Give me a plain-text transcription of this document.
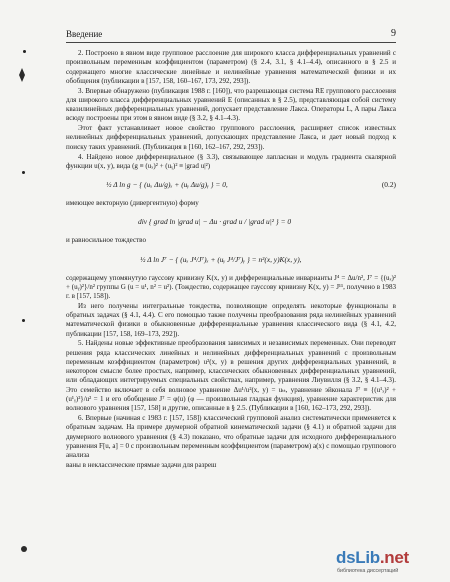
Введение	9

2. Построено в явном виде групповое расслоение для широкого класса дифференциальных уравнений с произвольным переменным коэффициентом (параметром) (§ 2.4, 3.1, § 4.1–4.4), описанного в § 2.5 и содержащего многие классические линейные и нелинейные уравнения математической физики и их обобщения (публикации в [157, 158, 160–167, 173, 292, 293]).

3. Впервые обнаружено (публикация 1988 г. [160]), что разрешающая система RE группового расслоения для широкого класса дифференциальных уравнений E (описанных в § 2.5), представляющая собой систему квазилинейных дифференциальных уравнений, допускает представление Лакса. Операторы L, A пары Лакса всюду построены при этом в явном виде (§ 3.2, § 4.1–4.3).

Этот факт устанавливает новое свойство группового расслоения, расширяет список известных нелинейных дифференциальных уравнений, допускающих представление Лакса, и дает новый подход к поиску таких уравнений. (Публикация в [160, 162–167, 292, 293]).

4. Найдено новое дифференциальное (§ 3.3), связывающее лапласиан и модуль градиента скалярной функции u(x, y), вида (g ≡ (uₓ)² + (uᵧ)² ≡ |grad u|²)

½ Δ ln g − { (uₓ Δu/g)ₓ + (uᵧ Δu/g)ᵧ } = 0,	(0.2)

имеющее векторную (дивергентную) форму

div { grad ln |grad u| − Δu · grad u / |grad u|² } = 0

и равносильное тождество

½ Δ ln J⁷ − { (uₓ J⁴/J⁷)ₓ + (uᵧ J⁴/J⁷)ᵧ } = n²(x, y)K(x, y),

содержащему упомянутую гауссову кривизну K(x, y) и дифференциальные инварианты J⁴ = Δu/n², J⁷ = {(uₓ)² + (uᵧ)²}/n² группы G (u = u¹, n² = u²). (Тождество, содержащее гауссову кривизну K(x, y) = J¹¹, получено в 1983 г. в [157, 158]).

Из него получены интегральные тождества, позволяющие определять некоторые функционалы в обратных задачах (§ 4.1, 4.4). С его помощью также получены преобразования ряда нелинейных уравнений математической физики в обыкновенные дифференциальные уравнения классического вида (§ 4.1, 4.2, публикации [157, 158, 169–173, 292]).

5. Найдены новые эффективные преобразования зависимых и независимых переменных. Они переводят решения ряда классических линейных и нелинейных дифференциальных уравнений с произвольным переменным коэффициентом (параметром) u²(x, y) в решения других дифференциальных уравнений, в некотором смысле более простых, например, классических обыкновенных дифференциальных уравнений, или обладающих интегрируемых специальных свойствах, например, уравнения Лиувилля (§ 3.2, § 4.1–4.3). Это семейство включает в себя волновое уравнение Δu¹/u²(x, y) = uₜₜ, уравнение эйконала J⁷ ≡ {(u¹ₓ)² + (u¹ᵧ)²}/u² = 1 и его обобщение J⁷ = φ(u) (φ — произвольная гладкая функция), уравнение характеристик для волнового уравнения [157, 158] и другие, описанные в § 2.5. (Публикации в [160, 162–173, 292, 293]).

6. Впервые (начиная с 1983 г. [157, 158]) классический групповой анализ систематически применяется к обратным задачам. На примере двумерной обратной кинематической задачи (§ 4.1) и обратной задачи для двумерного волнового уравнения (§ 4.3) показано, что обратные задачи для исходного дифференциального уравнения F[u, a] = 0 с произвольным переменным коэффициентом (параметром) a(x) с помощью группового анализа

ваны в некл​ассические прямые задачи для разреш

dsLib.net
библиотека диссертаций
